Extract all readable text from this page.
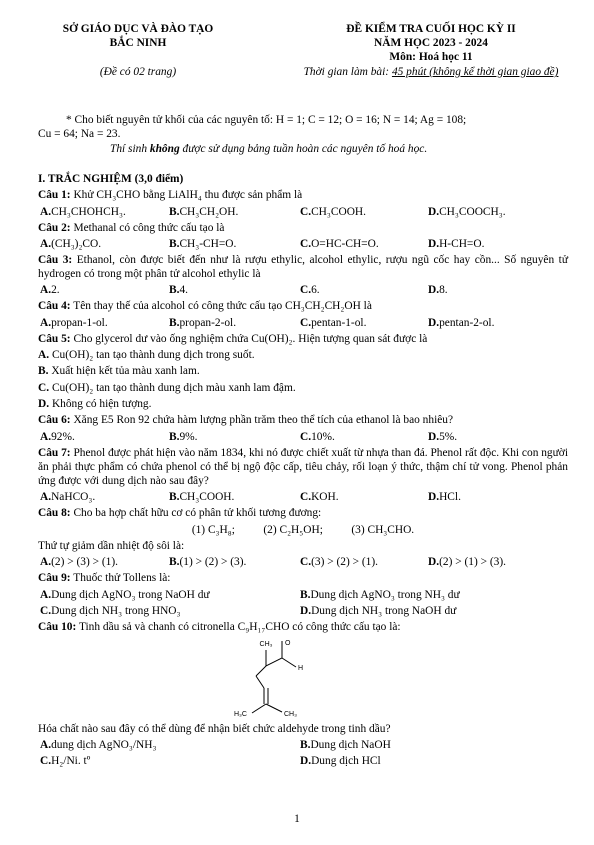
SỞ GIÁO DỤC VÀ ĐÀO TẠO
BẮC NINH
(Đề có 02 trang)
ĐỀ KIỂM TRA CUỐI HỌC KỲ II
NĂM HỌC 2023 - 2024
Môn: Hoá học 11
Thời gian làm bài: 45 phút (không kể thời gian giao đề)

* Cho biết nguyên tử khối của các nguyên tố: H = 1; C = 12; O = 16; N = 14; Ag = 108;

Cu = 64; Na = 23.

Thí sinh không được sử dụng bảng tuần hoàn các nguyên tố hoá học.

I. TRẮC NGHIỆM (3,0 điểm)

Câu 1: Khử CH₃CHO bằng LiAlH₄ thu được sản phẩm là

A. CH₃CHOHCH₃.	B. CH₃CH₂OH.	C. CH₃COOH.	D. CH₃COOCH₃.

Câu 2: Methanal có công thức cấu tạo là

A. (CH₃)₂CO.	B. CH₃-CH=O.	C. O=HC-CH=O.	D. H-CH=O.

Câu 3: Ethanol, còn được biết đến như là rượu ethylic, alcohol ethylic, rượu ngũ cốc hay cồn... Số nguyên tử hydrogen có trong một phân tử alcohol ethylic là

A. 2.	B. 4.	C. 6.	D. 8.

Câu 4: Tên thay thế của alcohol có công thức cấu tạo CH₃CH₂CH₂OH là

A. propan-1-ol.	B. propan-2-ol.	C. pentan-1-ol.	D. pentan-2-ol.

Câu 5: Cho glycerol dư vào ống nghiệm chứa Cu(OH)₂. Hiện tượng quan sát được là

A. Cu(OH)₂ tan tạo thành dung dịch trong suốt.

B. Xuất hiện kết tủa màu xanh lam.

C. Cu(OH)₂ tan tạo thành dung dịch màu xanh lam đậm.

D. Không có hiện tượng.

Câu 6: Xăng E5 Ron 92 chứa hàm lượng phần trăm theo thể tích của ethanol là bao nhiêu?

A. 92%.	B. 9%.	C. 10%.	D. 5%.

Câu 7: Phenol được phát hiện vào năm 1834, khi nó được chiết xuất từ nhựa than đá. Phenol rất độc. Khi con người ăn phải thực phẩm có chứa phenol có thể bị ngộ độc cấp, tiêu chảy, rối loạn ý thức, thậm chí tử vong. Phenol phản ứng được với dung dịch nào sau đây?

A. NaHCO₃.	B. CH₃COOH.	C. KOH.	D. HCl.

Câu 8: Cho ba hợp chất hữu cơ có phân tử khối tương đương:

(1) C₃H₈;          (2) C₂H₅OH;          (3) CH₃CHO.

Thứ tự giảm dần nhiệt độ sôi là:

A. (2) > (3) > (1).	B. (1) > (2) > (3).	C. (3) > (2) > (1).	D. (2) > (1) > (3).

Câu 9: Thuốc thử Tollens là:

A. Dung dịch AgNO₃ trong NaOH dư	B. Dung dịch AgNO₃ trong NH₃ dư
C. Dung dịch NH₃ trong HNO₃	D. Dung dịch NH₃ trong NaOH dư

Câu 10: Tinh dầu sả và chanh có citronella C₉H₁₇CHO có công thức cấu tạo là:

CH₃ O
H
H₃C	CH₃

Hóa chất nào sau đây có thể dùng để nhận biết chức aldehyde trong tinh dầu?

A. dung dịch AgNO₃/NH₃	B. Dung dịch NaOH
C. H₂/Ni. tº	D. Dung dịch HCl
1
